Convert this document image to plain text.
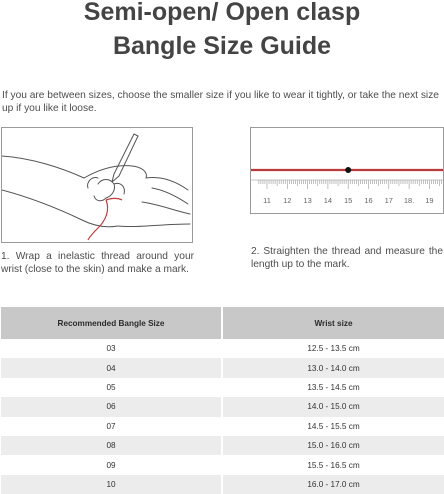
Semi-open/ Open clasp
Bangle Size Guide
If you are between sizes, choose the smaller size if you like to wear it tightly, or take the next size up if you like it loose.
11 12 13 14 15 16 17 18. 19
1. Wrap a inelastic thread around your wrist (close to the skin) and make a mark.
2. Straighten the thread and measure the length up to the mark.
Recommended Bangle Size	Wrist size
03	12.5 - 13.5 cm
04	13.0 - 14.0 cm
05	13.5 - 14.5 cm
06	14.0 - 15.0 cm
07	14.5 - 15.5 cm
08	15.0 - 16.0 cm
09	15.5 - 16.5 cm
10	16.0 - 17.0 cm
